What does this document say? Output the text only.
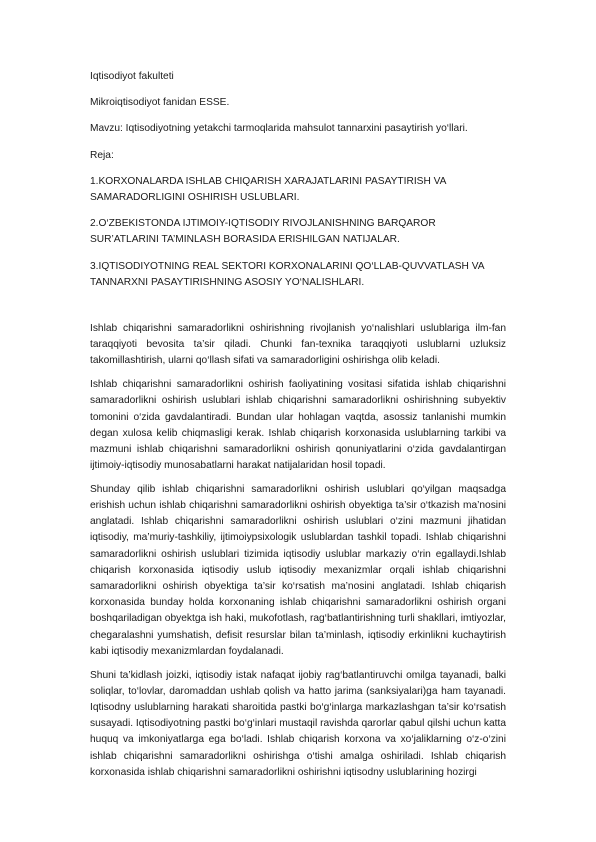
Iqtisodiyot fakulteti

Mikroiqtisodiyot fanidan ESSE.

Mavzu: Iqtisodiyotning yetakchi tarmoqlarida mahsulot tannarxini pasaytirish yo‘llari.

Reja:

1.KORXONALARDA ISHLAB CHIQARISH XARAJATLARINI PASAYTIRISH VA SAMARADORLIGINI OSHIRISH USLUBLARI.

2.O‘ZBEKISTONDA IJTIMOIY-IQTISODIY RIVOJLANISHNING BARQAROR SUR’ATLARINI TA’MINLASH BORASIDA ERISHILGAN NATIJALAR.

3.IQTISODIYOTNING REAL SEKTORI KORXONALARINI QO‘LLAB-QUVVATLASH VA TANNARXNI PASAYTIRISHNING ASOSIY YO‘NALISHLARI.

Ishlab chiqarishni samaradorlikni oshirishning rivojlanish yo‘nalishlari uslublariga ilm-fan taraqqiyoti bevosita ta’sir qiladi. Chunki fan-texnika taraqqiyoti uslublarni uzluksiz takomillashtirish, ularni qo‘llash sifati va samaradorligini oshirishga olib keladi.

Ishlab chiqarishni samaradorlikni oshirish faoliyatining vositasi sifatida ishlab chiqarishni samaradorlikni oshirish uslublari ishlab chiqarishni samaradorlikni oshirishning subyektiv tomonini o‘zida gavdalantiradi. Bundan ular hohlagan vaqtda, asossiz tanlanishi mumkin degan xulosa kelib chiqmasligi kerak. Ishlab chiqarish korxonasida uslublarning tarkibi va mazmuni ishlab chiqarishni samaradorlikni oshirish qonuniyatlarini o‘zida gavdalantirgan ijtimoiy-iqtisodiy munosabatlarni harakat natijalaridan hosil topadi.

Shunday qilib ishlab chiqarishni samaradorlikni oshirish uslublari qo‘yilgan maqsadga erishish uchun ishlab chiqarishni samaradorlikni oshirish obyektiga ta’sir o‘tkazish ma’nosini anglatadi. Ishlab chiqarishni samaradorlikni oshirish uslublari o‘zini mazmuni jihatidan iqtisodiy, ma’muriy-tashkiliy, ijtimoiypsixologik uslublardan tashkil topadi. Ishlab chiqarishni samaradorlikni oshirish uslublari tizimida iqtisodiy uslublar markaziy o‘rin egallaydi.Ishlab chiqarish korxonasida iqtisodiy uslub iqtisodiy mexanizmlar orqali ishlab chiqarishni samaradorlikni oshirish obyektiga ta’sir ko‘rsatish ma’nosini anglatadi. Ishlab chiqarish korxonasida bunday holda korxonaning ishlab chiqarishni samaradorlikni oshirish organi boshqariladigan obyektga ish haki, mukofotlash, rag‘batlantirishning turli shakllari, imtiyozlar, chegaralashni yumshatish, defisit resurslar bilan ta’minlash, iqtisodiy erkinlikni kuchaytirish kabi iqtisodiy mexanizmlardan foydalanadi.

Shuni ta’kidlash joizki, iqtisodiy istak nafaqat ijobiy rag‘batlantiruvchi omilga tayanadi, balki soliqlar, to‘lovlar, daromaddan ushlab qolish va hatto jarima (sanksiyalari)ga ham tayanadi. Iqtisodny uslublarning harakati sharoitida pastki bo‘g‘inlarga markazlashgan ta’sir ko‘rsatish susayadi. Iqtisodiyotning pastki bo‘g‘inlari mustaqil ravishda qarorlar qabul qilshi uchun katta huquq va imkoniyatlarga ega bo‘ladi. Ishlab chiqarish korxona va xo‘jaliklarning o‘z-o‘zini ishlab chiqarishni samaradorlikni oshirishga o‘tishi amalga oshiriladi. Ishlab chiqarish korxonasida ishlab chiqarishni samaradorlikni oshirishni iqtisodny uslublarining hozirgi
